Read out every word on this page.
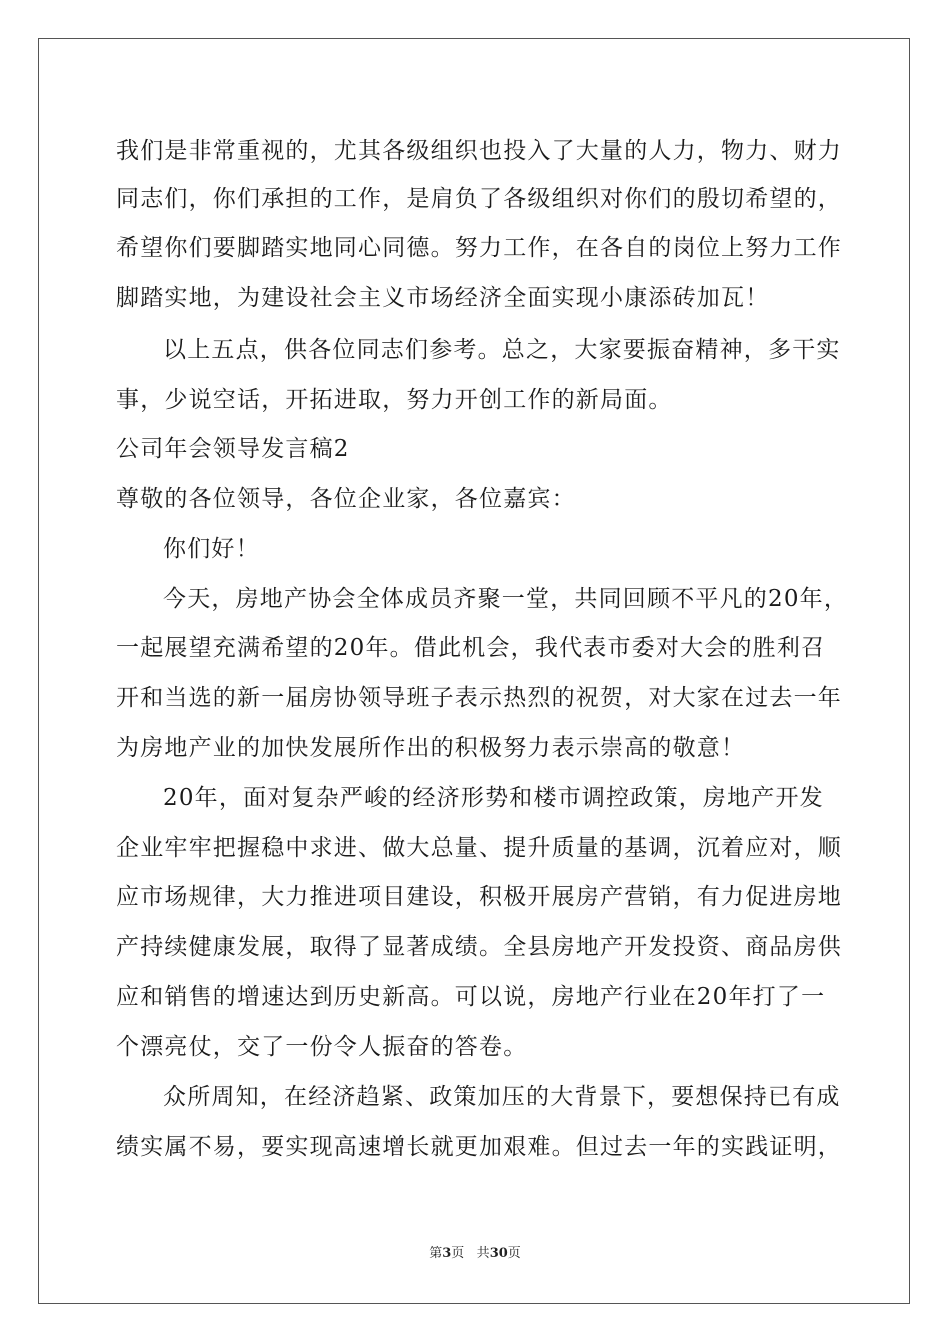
我们是非常重视的，尤其各级组织也投入了大量的人力，物力、财力
同志们，你们承担的工作，是肩负了各级组织对你们的殷切希望的，
希望你们要脚踏实地同心同德。努力工作，在各自的岗位上努力工作
脚踏实地，为建设社会主义市场经济全面实现小康添砖加瓦！
以上五点，供各位同志们参考。总之，大家要振奋精神，多干实
事，少说空话，开拓进取，努力开创工作的新局面。
公司年会领导发言稿2
尊敬的各位领导，各位企业家，各位嘉宾：
你们好！
今天，房地产协会全体成员齐聚一堂，共同回顾不平凡的20年，
一起展望充满希望的20年。借此机会，我代表市委对大会的胜利召
开和当选的新一届房协领导班子表示热烈的祝贺，对大家在过去一年
为房地产业的加快发展所作出的积极努力表示崇高的敬意！
20年，面对复杂严峻的经济形势和楼市调控政策，房地产开发
企业牢牢把握稳中求进、做大总量、提升质量的基调，沉着应对，顺
应市场规律，大力推进项目建设，积极开展房产营销，有力促进房地
产持续健康发展，取得了显著成绩。全县房地产开发投资、商品房供
应和销售的增速达到历史新高。可以说，房地产行业在20年打了一
个漂亮仗，交了一份令人振奋的答卷。
众所周知，在经济趋紧、政策加压的大背景下，要想保持已有成
绩实属不易，要实现高速增长就更加艰难。但过去一年的实践证明，
第3页 共30页
